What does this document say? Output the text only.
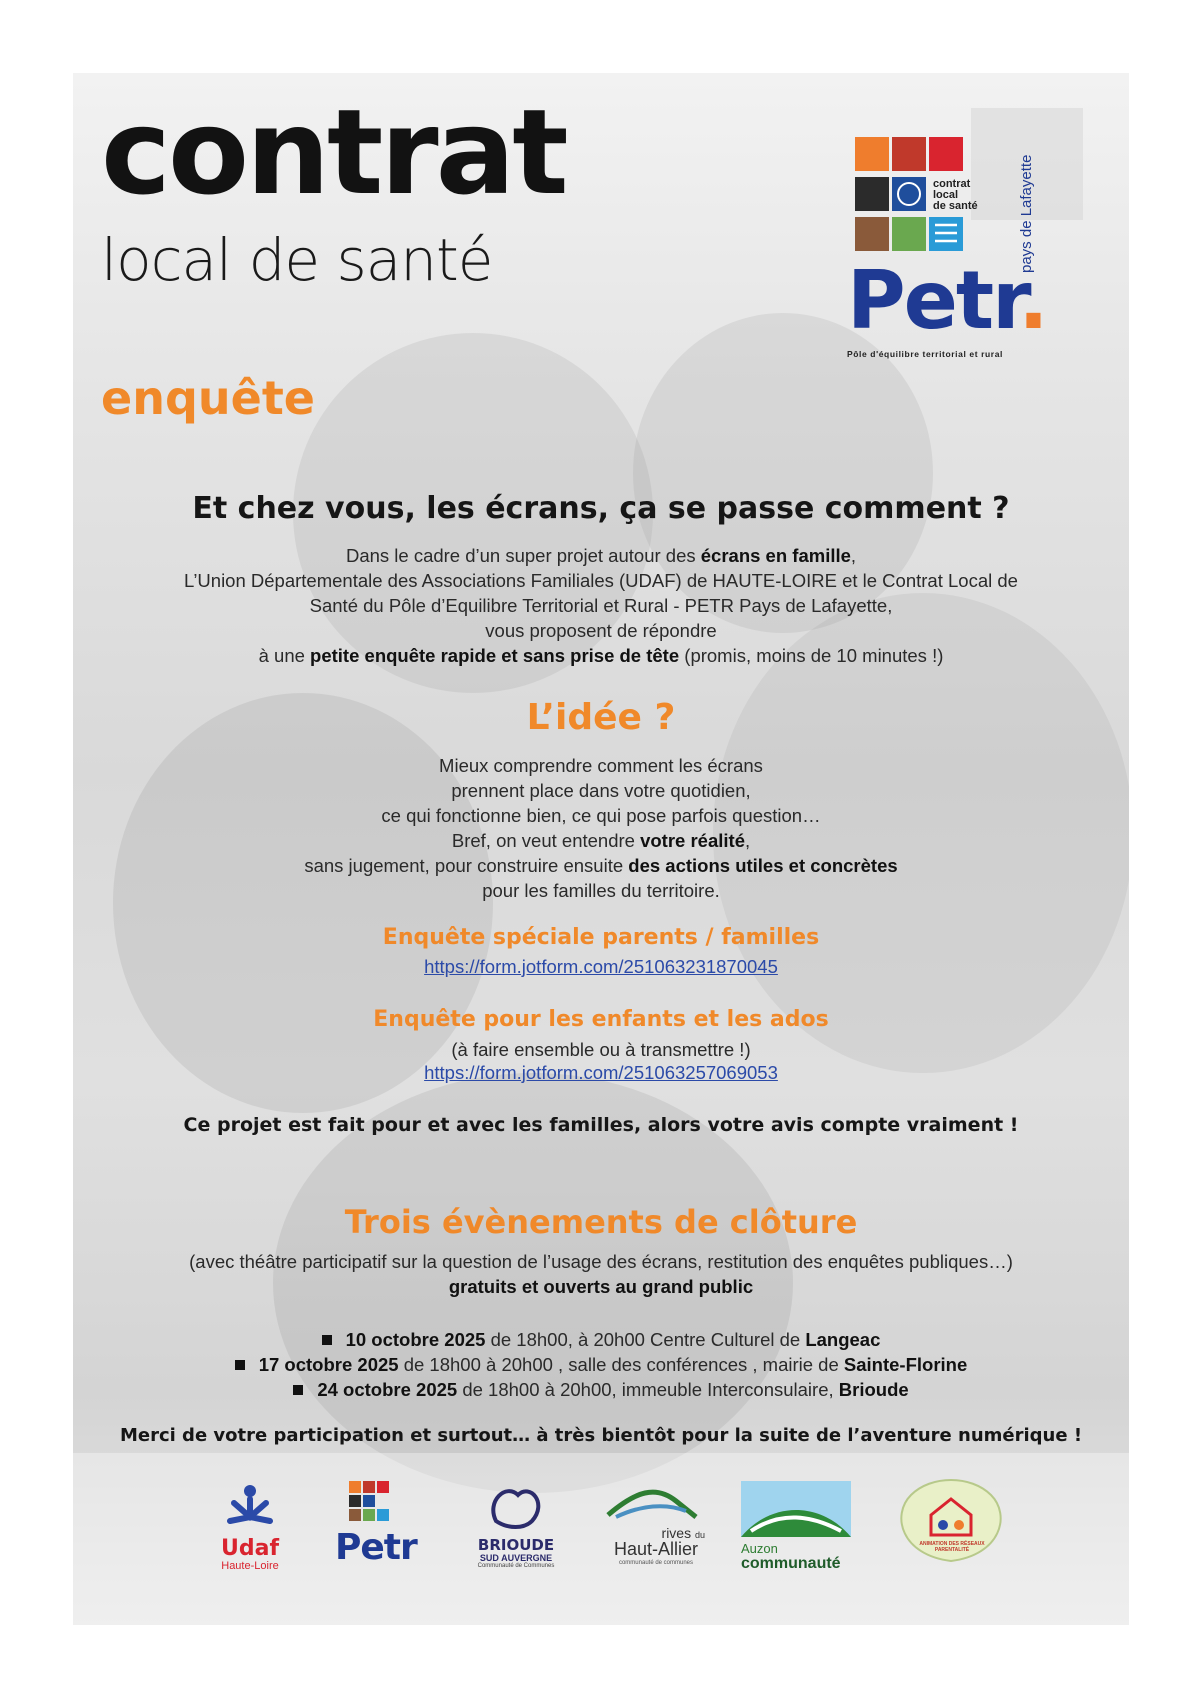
contrat
local de santé
enquête
contrat
local
de santé
Petr.
pays de Lafayette
Pôle d'équilibre territorial et rural
Et chez vous, les écrans, ça se passe comment ?
Dans le cadre d’un super projet autour des écrans en famille,
L’Union Départementale des Associations Familiales (UDAF) de HAUTE-LOIRE et le Contrat Local de
Santé du Pôle d’Equilibre Territorial et Rural - PETR Pays de Lafayette,
vous proposent de répondre
à une petite enquête rapide et sans prise de tête (promis, moins de 10 minutes !)
L’idée ?
Mieux comprendre comment les écrans
prennent place dans votre quotidien,
ce qui fonctionne bien, ce qui pose parfois question…
Bref, on veut entendre votre réalité,
sans jugement, pour construire ensuite des actions utiles et concrètes
pour les familles du territoire.
Enquête spéciale parents / familles
https://form.jotform.com/251063231870045
Enquête pour les enfants et les ados
(à faire ensemble ou à transmettre !)
https://form.jotform.com/251063257069053
Ce projet est fait pour et avec les familles, alors votre avis compte vraiment !
Trois évènements de clôture
(avec théâtre participatif sur la question de l’usage des écrans, restitution des enquêtes publiques…)
gratuits et ouverts au grand public
10 octobre 2025 de 18h00, à 20h00 Centre Culturel de Langeac
17 octobre 2025 de 18h00 à 20h00 , salle des conférences , mairie de Sainte-Florine
24 octobre 2025 de 18h00 à 20h00, immeuble Interconsulaire, Brioude
Merci de votre participation et surtout… à très bientôt pour la suite de l’aventure numérique !
Udaf
Haute-Loire	Petr	BRIOUDE
SUD AUVERGNE
Communauté de Communes
rives du
Haut-Allier
communauté de communes
Auzon
communauté
ANIMATION DES RÉSEAUX PARENTALITÉ
